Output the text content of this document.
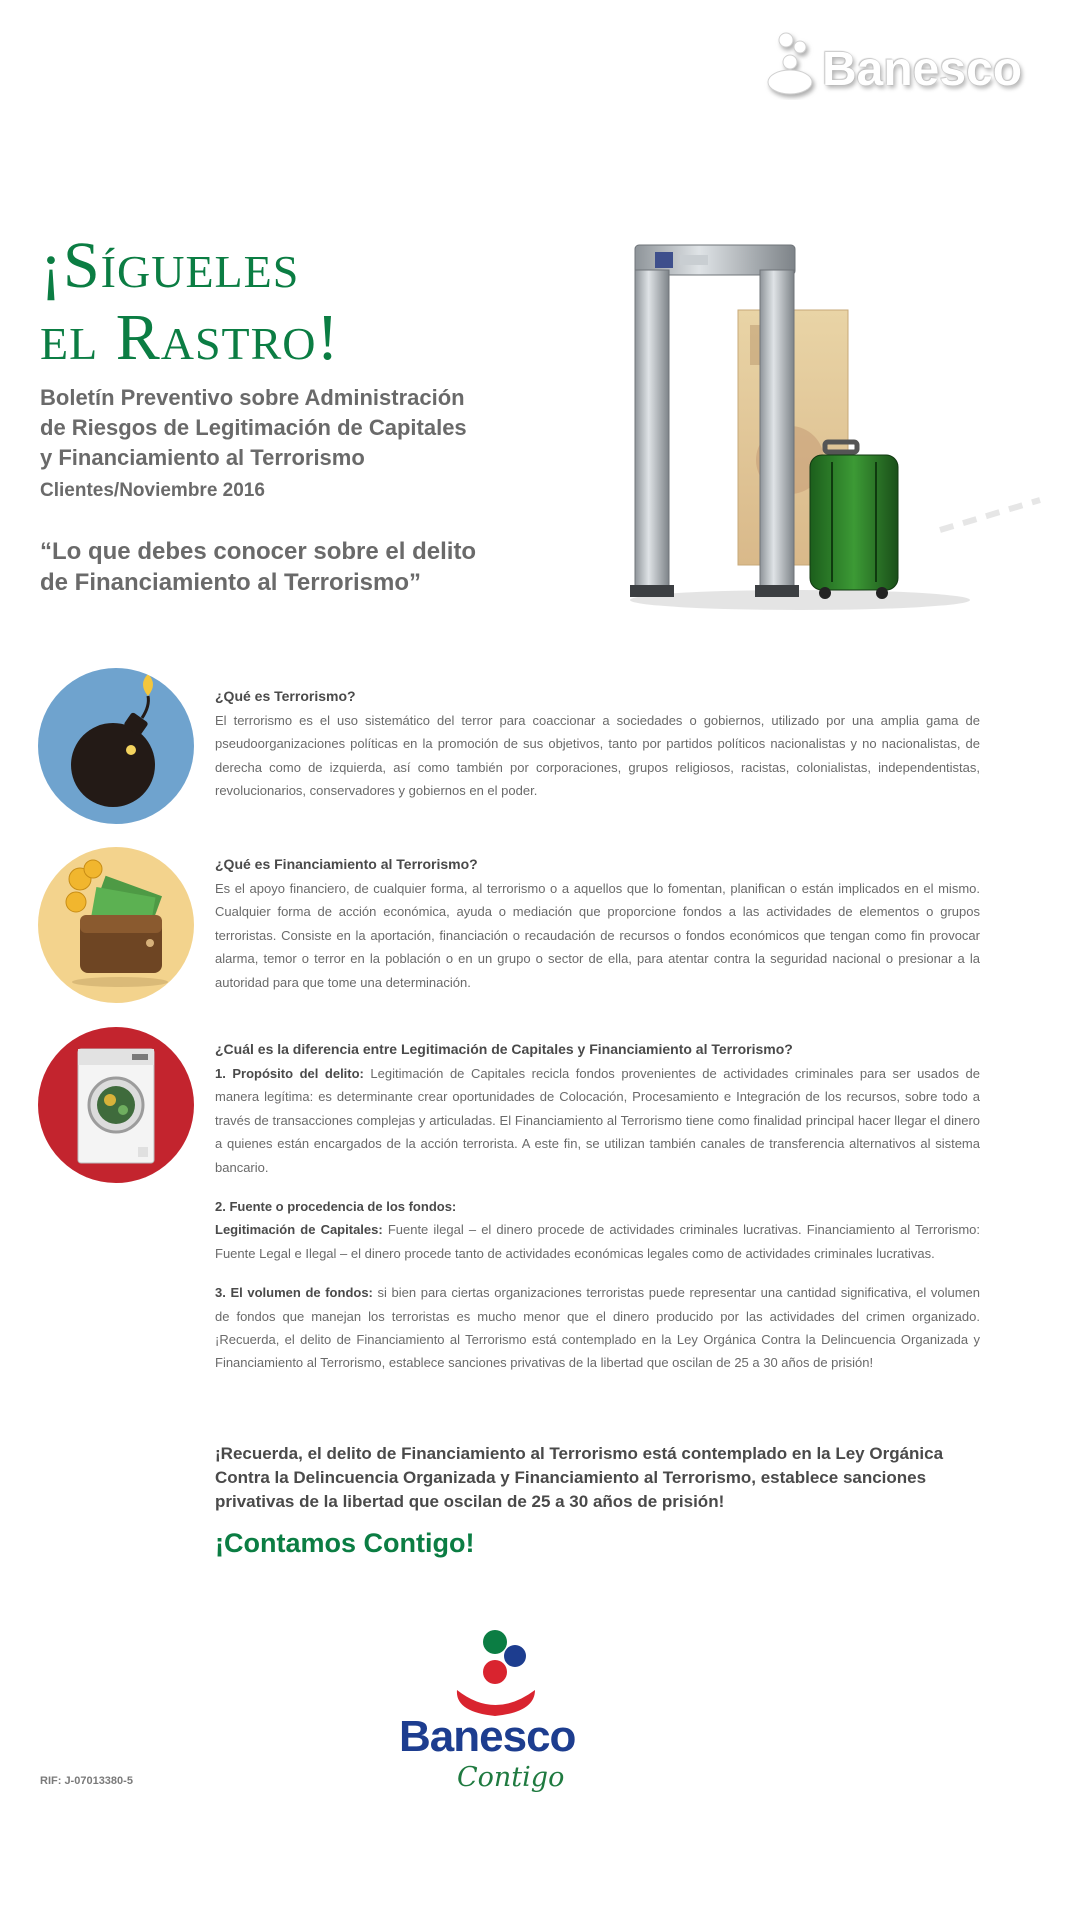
Banesco
¡Sígueles
el Rastro!
Boletín Preventivo sobre Administración
de Riesgos de Legitimación de Capitales
y Financiamiento al Terrorismo
Clientes/Noviembre 2016
“Lo que debes conocer sobre el delito
de Financiamiento al Terrorismo”
¿Qué es Terrorismo?

El terrorismo es el uso sistemático del terror para coaccionar a sociedades o gobiernos, utilizado por una amplia gama de pseudoorganizaciones políticas en la promoción de sus objetivos, tanto por partidos políticos nacionalistas y no nacionalistas, de derecha como de izquierda, así como también por corporaciones, grupos religiosos, racistas, colonialistas, independentistas, revolucionarios, conservadores y gobiernos en el poder.

¿Qué es Financiamiento al Terrorismo?

Es el apoyo financiero, de cualquier forma, al terrorismo o a aquellos que lo fomentan, planifican o están implicados en el mismo. Cualquier forma de acción económica, ayuda o mediación que proporcione fondos a las actividades de elementos o grupos terroristas. Consiste en la aportación, financiación o recaudación de recursos o fondos económicos que tengan como fin provocar alarma, temor o terror en la población o en un grupo o sector de ella, para atentar contra la seguridad nacional o presionar a la autoridad para que tome una determinación.

¿Cuál es la diferencia entre Legitimación de Capitales y Financiamiento al Terrorismo?

1. Propósito del delito: Legitimación de Capitales recicla fondos provenientes de actividades criminales para ser usados de manera legítima: es determinante crear oportunidades de Colocación, Procesamiento e Integración de los recursos, sobre todo a través de transacciones complejas y articuladas. El Financiamiento al Terrorismo tiene como finalidad principal hacer llegar el dinero a quienes están encargados de la acción terrorista. A este fin, se utilizan también canales de transferencia alternativos al sistema bancario.

2. Fuente o procedencia de los fondos:
Legitimación de Capitales: Fuente ilegal – el dinero procede de actividades criminales lucrativas. Financiamiento al Terrorismo: Fuente Legal e Ilegal – el dinero procede tanto de actividades económicas legales como de actividades criminales lucrativas.

3. El volumen de fondos: si bien para ciertas organizaciones terroristas puede representar una cantidad significativa, el volumen de fondos que manejan los terroristas es mucho menor que el dinero producido por las actividades del crimen organizado. ¡Recuerda, el delito de Financiamiento al Terrorismo está contemplado en la Ley Orgánica Contra la Delincuencia Organizada y Financiamiento al Terrorismo, establece sanciones privativas de la libertad que oscilan de 25 a 30 años de prisión!

¡Recuerda, el delito de Financiamiento al Terrorismo está contemplado en la Ley Orgánica Contra la Delincuencia Organizada y Financiamiento al Terrorismo, establece sanciones privativas de la libertad que oscilan de 25 a 30 años de prisión!
¡Contamos Contigo!
Banesco
Contigo
RIF: J-07013380-5
